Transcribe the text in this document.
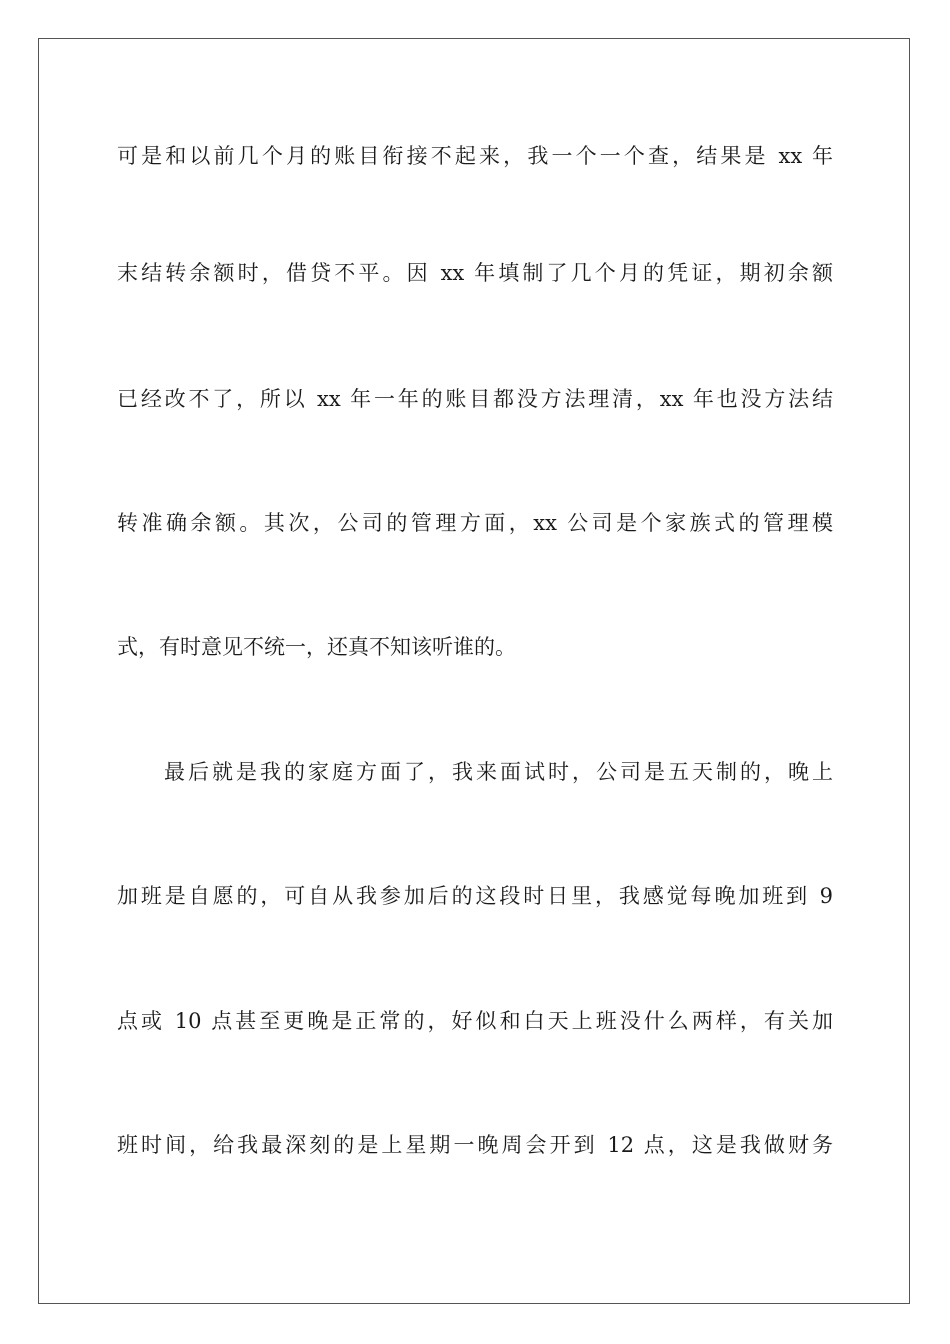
可是和以前几个月的账目衔接不起来，我一个一个查，结果是 xx 年
末结转余额时，借贷不平。因 xx 年填制了几个月的凭证，期初余额
已经改不了，所以 xx 年一年的账目都没方法理清，xx 年也没方法结
转准确余额。其次，公司的管理方面，xx 公司是个家族式的管理模
式，有时意见不统一，还真不知该听谁的。
最后就是我的家庭方面了，我来面试时，公司是五天制的，晚上
加班是自愿的，可自从我参加后的这段时日里，我感觉每晚加班到 9
点或 10 点甚至更晚是正常的，好似和白天上班没什么两样，有关加
班时间，给我最深刻的是上星期一晚周会开到 12 点，这是我做财务
